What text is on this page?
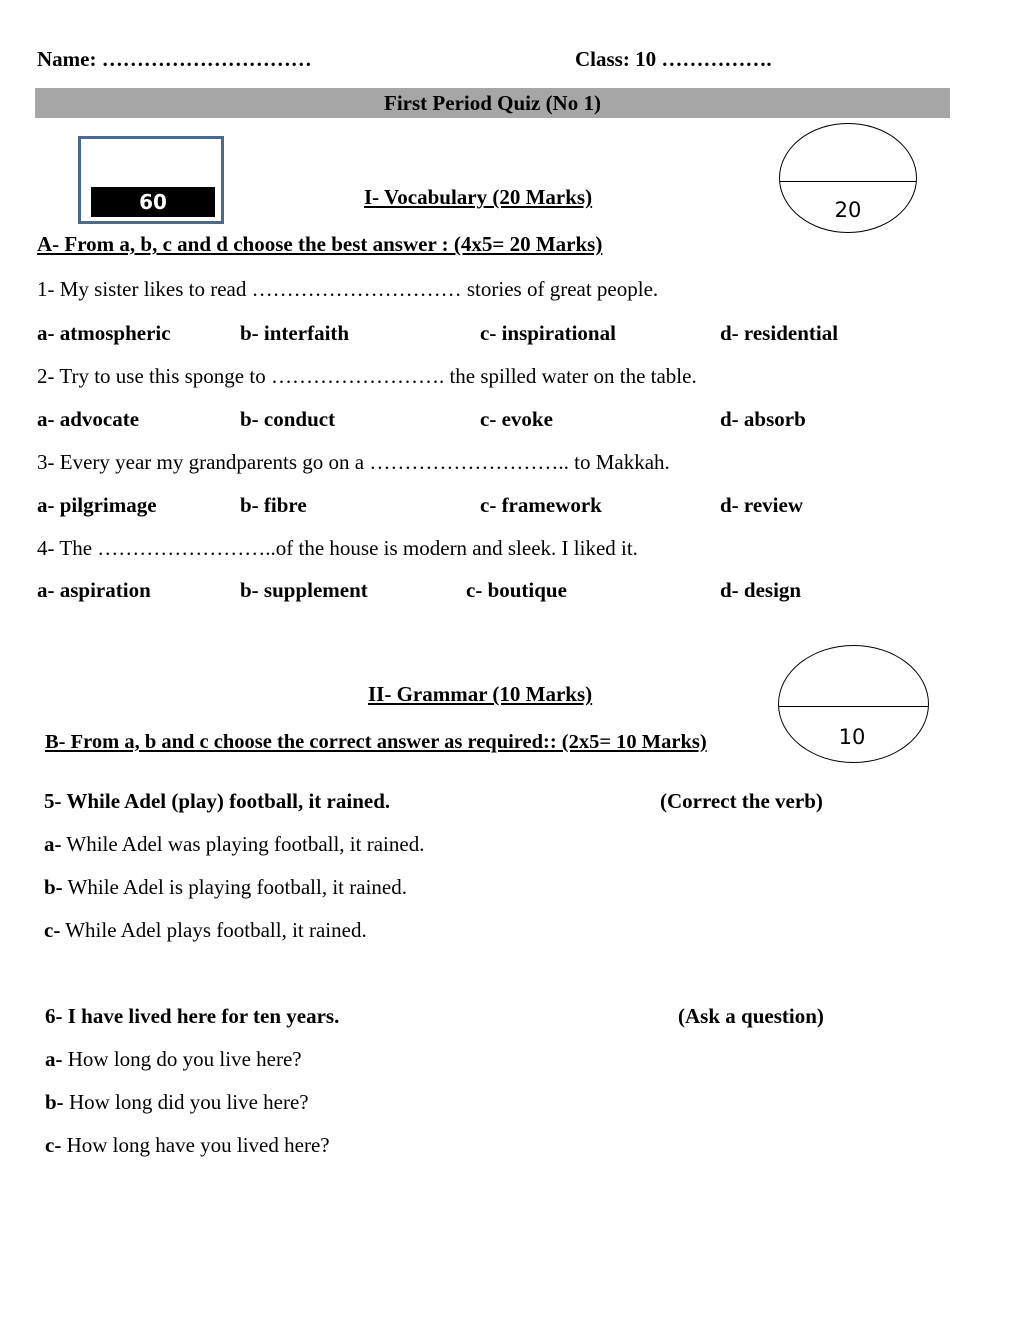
Name: …………………………	Class: 10 …………….
First Period Quiz (No 1)
60	20
I- Vocabulary (20 Marks)
A- From a, b, c and d choose the best answer : (4x5= 20 Marks)
1- My sister likes to read ………………………… stories of great people.
a- atmospheric	b- interfaith	c- inspirational	d- residential
2- Try to use this sponge to ……………………. the spilled water on the table.
a- advocate	b- conduct	c- evoke	d- absorb
3- Every year my grandparents go on a ……………………….. to Makkah.
a- pilgrimage	b- fibre	c- framework	d- review
4- The ……………………..of the house is modern and sleek. I liked it.
a- aspiration	b- supplement	c- boutique	d- design
10
II- Grammar (10 Marks)
B- From a, b and c choose the correct answer as required:: (2x5= 10 Marks)
5- While Adel (play) football, it rained.	(Correct the verb)
a- While Adel was playing football, it rained.
b- While Adel is playing football, it rained.
c- While Adel plays football, it rained.
6- I have lived here for ten years.	(Ask a question)
a- How long do you live here?
b- How long did you live here?
c- How long have you lived here?
